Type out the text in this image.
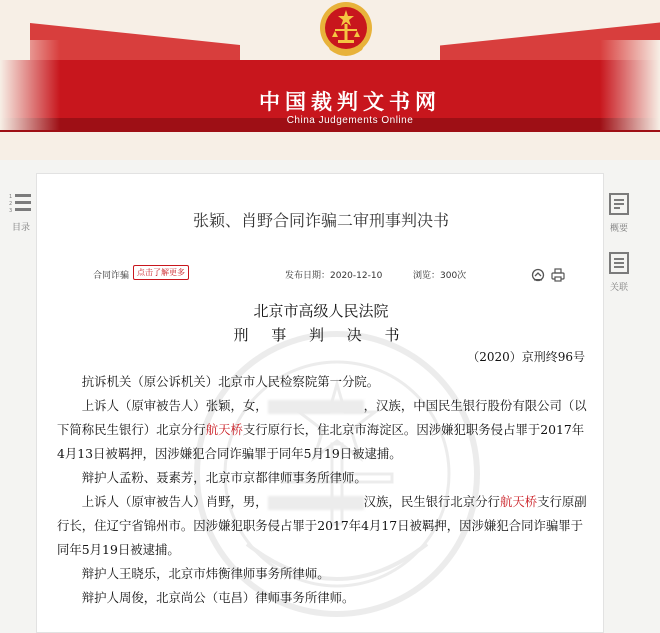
中国裁判文书网
China Judgements Online
1
2
3
目录	概要
关联
张颖、肖野合同诈骗二审刑事判决书
合同诈骗 点击了解更多	发布日期：2020-12-10	浏览：300次
北京市高级人民法院
刑 事 判 决 书
（2020）京刑终96号

抗诉机关（原公诉机关）北京市人民检察院第一分院。

上诉人（原审被告人）张颖，女，	，汉族，中国民生银行股份有限公司（以下简称民生银行）北京分行航天桥支行原行长，住北京市海淀区。因涉嫌犯职务侵占罪于2017年4月13日被羁押，因涉嫌犯合同诈骗罪于同年5月19日被逮捕。

辩护人孟粉、聂素芳，北京市京都律师事务所律师。

上诉人（原审被告人）肖野，男，	汉族，民生银行北京分行航天桥支行原副行长，住辽宁省锦州市。因涉嫌犯职务侵占罪于2017年4月17日被羁押，因涉嫌犯合同诈骗罪于同年5月19日被逮捕。

辩护人王晓乐，北京市炜衡律师事务所律师。

辩护人周俊，北京尚公（屯昌）律师事务所律师。
